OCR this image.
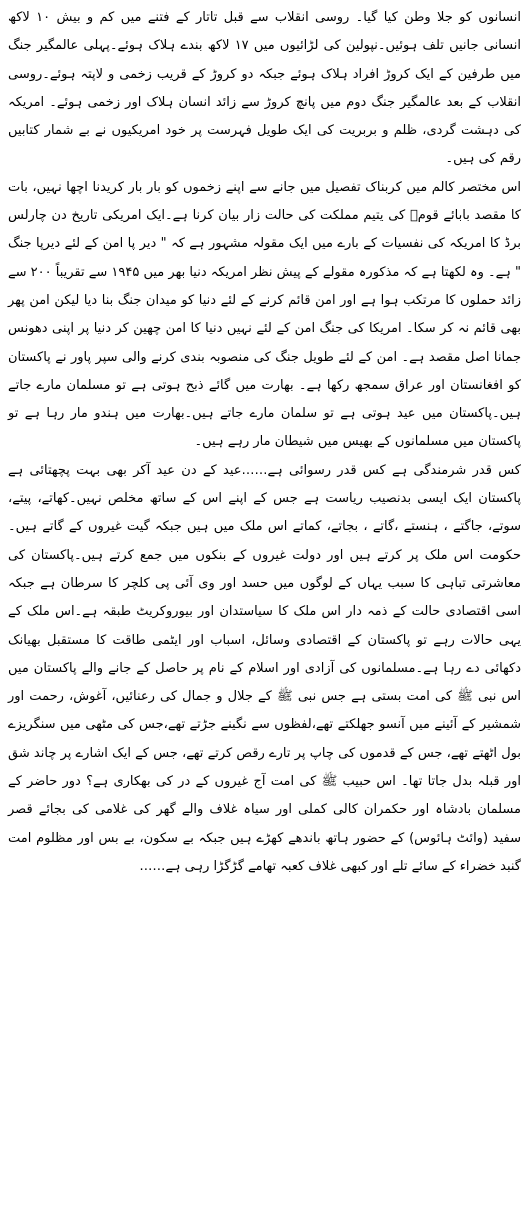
انسانوں کو جلا وطن کیا گیا۔ روسی انقلاب سے قبل تاتار کے فتنے میں کم و بیش ۱۰ لاکھ انسانی جانیں تلف ہوئیں۔نپولین کی لڑائیوں میں ۱۷ لاکھ بندے ہلاک ہوئے۔پہلی عالمگیر جنگ میں طرفین کے ایک کروڑ افراد ہلاک ہوئے جبکہ دو کروڑ کے قریب زخمی و لاپتہ ہوئے۔روسی انقلاب کے بعد عالمگیر جنگ دوم میں پانچ کروڑ سے زائد انسان ہلاک اور زخمی ہوئے۔ امریکہ کی دہشت گردی، ظلم و بربریت کی ایک طویل فہرست پر خود امریکیوں نے بے شمار کتابیں رقم کی ہیں۔

اس مختصر کالم میں کربناک تفصیل میں جانے سے اپنے زخموں کو بار بار کریدنا اچھا نہیں، بات کا مقصد بابائے قومؒ کی یتیم مملکت کی حالت زار بیان کرنا ہے۔ایک امریکی تاریخ دن چارلس برڈ کا امریکہ کی نفسیات کے بارے میں ایک مقولہ مشہور ہے کہ " دیر پا امن کے لئے دیرپا جنگ " ہے۔ وہ لکھتا ہے کہ مذکورہ مقولے کے پیش نظر امریکہ دنیا بھر میں ۱۹۴۵ سے تقریباً ۲۰۰ سے زائد حملوں کا مرتکب ہوا ہے اور امن قائم کرنے کے لئے دنیا کو میدان جنگ بنا دیا لیکن امن پھر بھی قائم نہ کر سکا۔ امریکا کی جنگ امن کے لئے نہیں دنیا کا امن چھین کر دنیا پر اپنی دھونس جمانا اصل مقصد ہے۔ امن کے لئے طویل جنگ کی منصوبہ بندی کرنے والی سپر پاور نے پاکستان کو افغانستان اور عراق سمجھ رکھا ہے۔ بھارت میں گائے ذبح ہوتی ہے تو مسلمان مارے جاتے ہیں۔پاکستان میں عید ہوتی ہے تو سلمان مارے جاتے ہیں۔بھارت میں ہندو مار رہا ہے تو پاکستان میں مسلمانوں کے بھیس میں شیطان مار رہے ہیں۔

کس قدر شرمندگی ہے کس قدر رسوائی ہے……عید کے دن عید آکر بھی بہت پچھتائی ہے پاکستان ایک ایسی بدنصیب ریاست ہے جس کے اپنے اس کے ساتھ مخلص نہیں۔کھاتے، پیتے، سوتے، جاگتے ، ہنستے ،گاتے ، بجاتے، کماتے اس ملک میں ہیں جبکہ گیت غیروں کے گاتے ہیں۔حکومت اس ملک پر کرتے ہیں اور دولت غیروں کے بنکوں میں جمع کرتے ہیں۔پاکستان کی معاشرتی تباہی کا سبب یہاں کے لوگوں میں حسد اور وی آئی پی کلچر کا سرطان ہے جبکہ اسی اقتصادی حالت کے ذمہ دار اس ملک کا سیاستدان اور بیوروکریٹ طبقہ ہے۔اس ملک کے یہی حالات رہے تو پاکستان کے اقتصادی وسائل، اسباب اور ایٹمی طاقت کا مستقبل بھیانک دکھائی دے رہا ہے۔مسلمانوں کی آزادی اور اسلام کے نام پر حاصل کے جانے والے پاکستان میں اس نبی ﷺ کی امت بستی ہے جس نبی ﷺ کے جلال و جمال کی رعنائیں، آغوش، رحمت اور شمشیر کے آئینے میں آنسو جھلکتے تھے،لفظوں سے نگینے جڑتے تھے،جس کی مٹھی میں سنگریزے بول اٹھتے تھے، جس کے قدموں کی چاپ پر تارے رقص کرتے تھے، جس کے ایک اشارے پر چاند شق اور قبلہ بدل جاتا تھا۔ اس حبیب ﷺ کی امت آج غیروں کے در کی بھکاری ہے؟ دور حاضر کے مسلمان بادشاہ اور حکمران کالی کملی اور سیاہ غلاف والے گھر کی غلامی کی بجائے قصر سفید (وائٹ ہائوس) کے حضور ہاتھ باندھے کھڑے ہیں جبکہ بے سکون، بے بس اور مظلوم امت گنبد خضراء کے سائے تلے اور کبھی غلاف کعبہ تھامے گڑگڑا رہی ہے……
